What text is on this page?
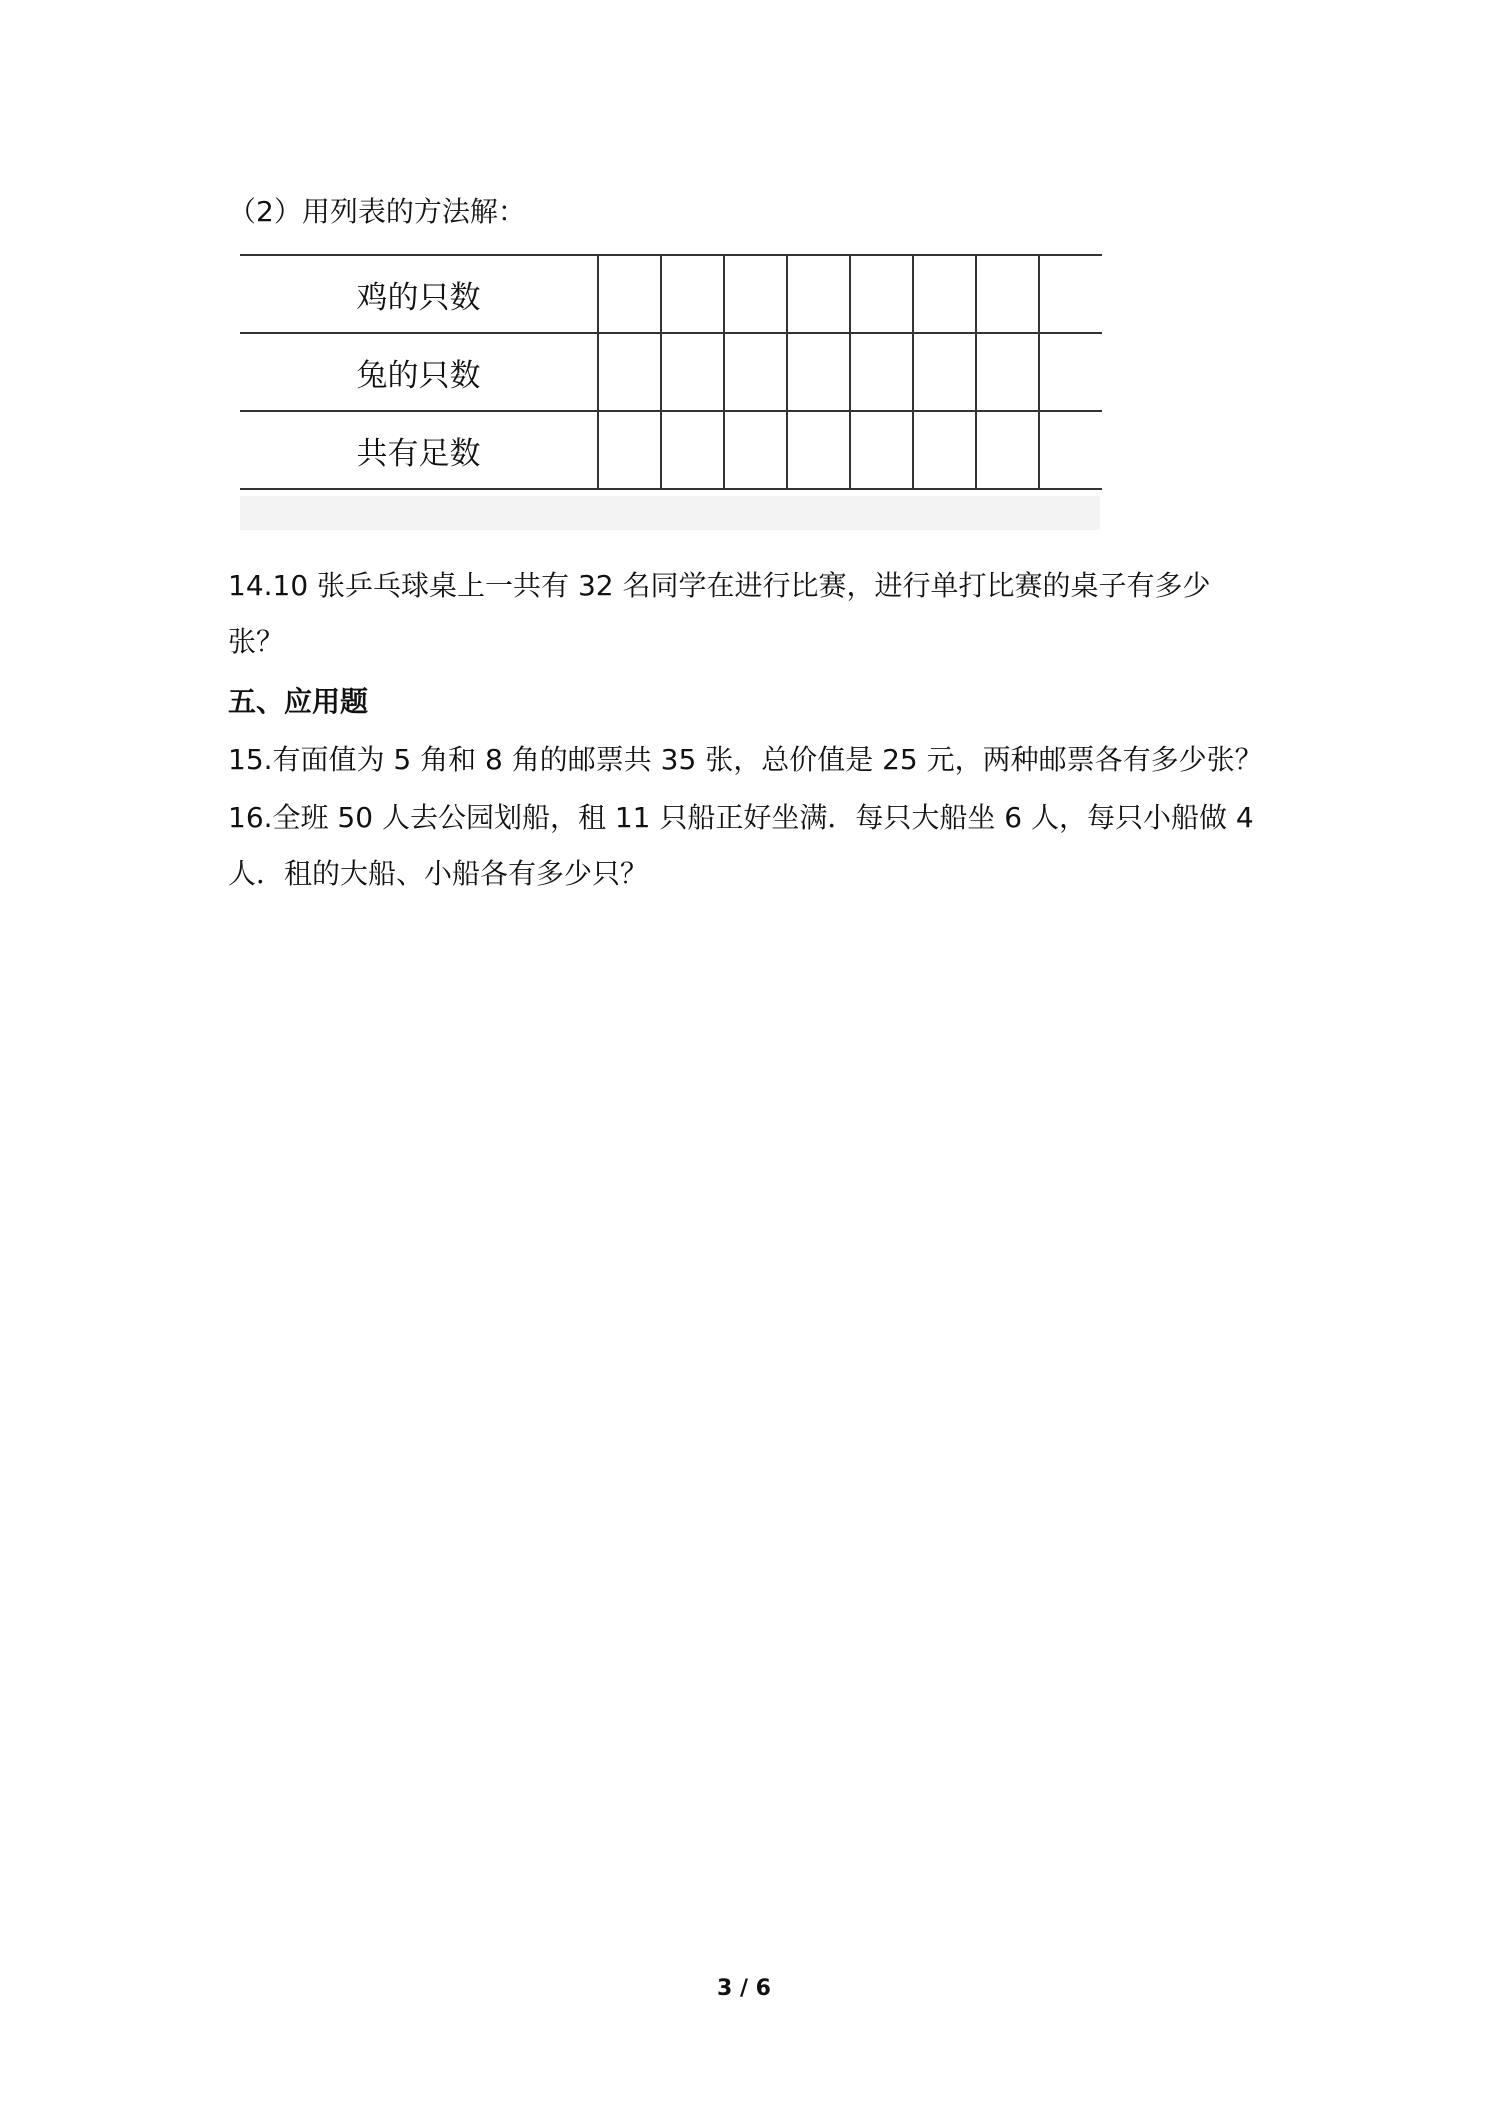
（2）用列表的方法解：
鸡的只数								
兔的只数								
共有足数								
14.10 张乒乓球桌上一共有 32 名同学在进行比赛，进行单打比赛的桌子有多少
张？
五、应用题
15.有面值为 5 角和 8 角的邮票共 35 张，总价值是 25 元，两种邮票各有多少张？
16.全班 50 人去公园划船，租 11 只船正好坐满．每只大船坐 6 人，每只小船做 4
人．租的大船、小船各有多少只？
3 / 6
